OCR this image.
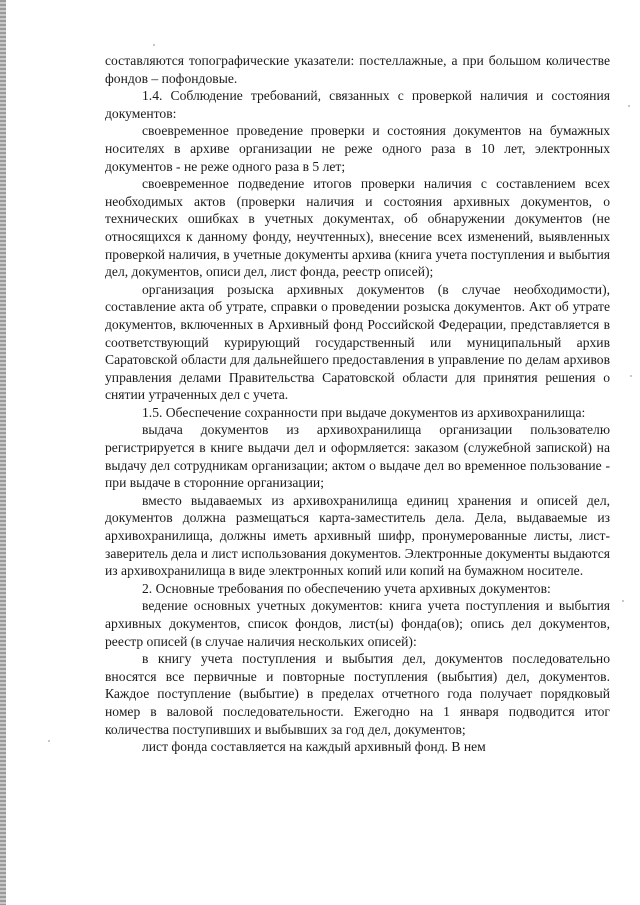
составляются топографические указатели: постеллажные, а при большом количестве фондов – пофондовые.

1.4. Соблюдение требований, связанных с проверкой наличия и состояния документов:

своевременное проведение проверки и состояния документов на бумажных носителях в архиве организации не реже одного раза в 10 лет, электронных документов - не реже одного раза в 5 лет;

своевременное подведение итогов проверки наличия с составлением всех необходимых актов (проверки наличия и состояния архивных документов, о технических ошибках в учетных документах, об обнаружении документов (не относящихся к данному фонду, неучтенных), внесение всех изменений, выявленных проверкой наличия, в учетные документы архива (книга учета поступления и выбытия дел, документов, описи дел, лист фонда, реестр описей);

организация розыска архивных документов (в случае необходимости), составление акта об утрате, справки о проведении розыска документов. Акт об утрате документов, включенных в Архивный фонд Российской Федерации, представляется в соответствующий курирующий государственный или муниципальный архив Саратовской области для дальнейшего предоставления в управление по делам архивов управления делами Правительства Саратовской области для принятия решения о снятии утраченных дел с учета.

1.5. Обеспечение сохранности при выдаче документов из архивохранилища:

выдача документов из архивохранилища организации пользователю регистрируется в книге выдачи дел и оформляется: заказом (служебной запиской) на выдачу дел сотрудникам организации; актом о выдаче дел во временное пользование - при выдаче в сторонние организации;

вместо выдаваемых из архивохранилища единиц хранения и описей дел, документов должна размещаться карта-заместитель дела. Дела, выдаваемые из архивохранилища, должны иметь архивный шифр, пронумерованные листы, лист-заверитель дела и лист использования документов. Электронные документы выдаются из архивохранилища в виде электронных копий или копий на бумажном носителе.

2. Основные требования по обеспечению учета архивных документов:

ведение основных учетных документов: книга учета поступления и выбытия архивных документов, список фондов, лист(ы) фонда(ов); опись дел документов, реестр описей (в случае наличия нескольких описей):

в книгу учета поступления и выбытия дел, документов последовательно вносятся все первичные и повторные поступления (выбытия) дел, документов. Каждое поступление (выбытие) в пределах отчетного года получает порядковый номер в валовой последовательности. Ежегодно на 1 января подводится итог количества поступивших и выбывших за год дел, документов;

лист фонда составляется на каждый архивный фонд. В нем
